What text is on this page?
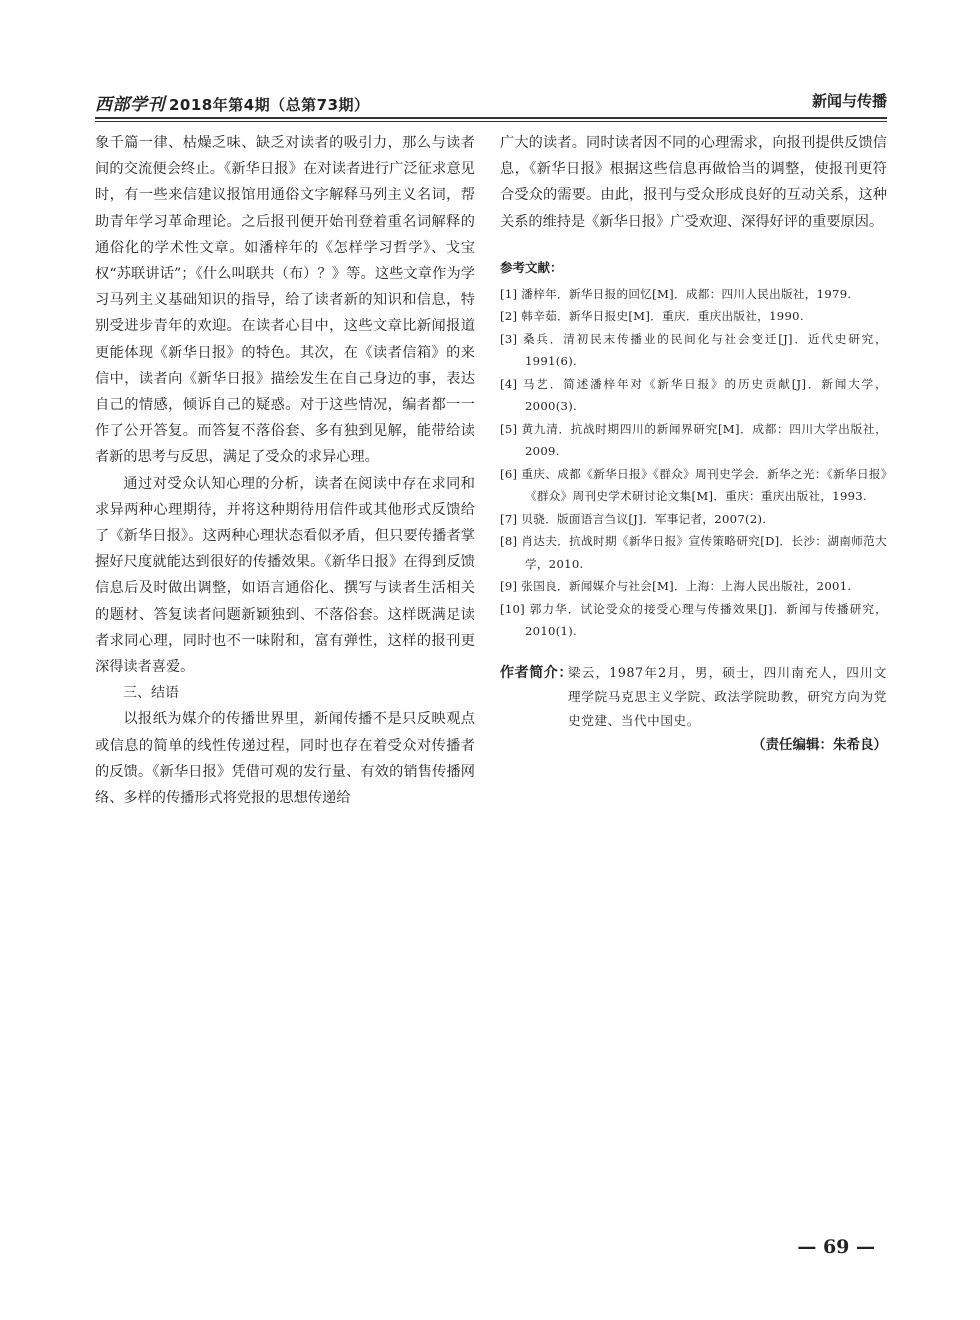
西部学刊 2018年第4期（总第73期）	新闻与传播

象千篇一律、枯燥乏味、缺乏对读者的吸引力，那么与读者间的交流便会终止。《新华日报》在对读者进行广泛征求意见时，有一些来信建议报馆用通俗文字解释马列主义名词，帮助青年学习革命理论。之后报刊便开始刊登着重名词解释的通俗化的学术性文章。如潘梓年的《怎样学习哲学》、戈宝权“苏联讲话”；《什么叫联共（布）？》等。这些文章作为学习马列主义基础知识的指导，给了读者新的知识和信息，特别受进步青年的欢迎。在读者心目中，这些文章比新闻报道更能体现《新华日报》的特色。其次，在《读者信箱》的来信中，读者向《新华日报》描绘发生在自己身边的事，表达自己的情感，倾诉自己的疑惑。对于这些情况，编者都一一作了公开答复。而答复不落俗套、多有独到见解，能带给读者新的思考与反思，满足了受众的求异心理。

通过对受众认知心理的分析，读者在阅读中存在求同和求异两种心理期待，并将这种期待用信件或其他形式反馈给了《新华日报》。这两种心理状态看似矛盾，但只要传播者掌握好尺度就能达到很好的传播效果。《新华日报》在得到反馈信息后及时做出调整，如语言通俗化、撰写与读者生活相关的题材、答复读者问题新颖独到、不落俗套。这样既满足读者求同心理，同时也不一味附和，富有弹性，这样的报刊更深得读者喜爱。

三、结语

以报纸为媒介的传播世界里，新闻传播不是只反映观点或信息的简单的线性传递过程，同时也存在着受众对传播者的反馈。《新华日报》凭借可观的发行量、有效的销售传播网络、多样的传播形式将党报的思想传递给

广大的读者。同时读者因不同的心理需求，向报刊提供反馈信息，《新华日报》根据这些信息再做恰当的调整，使报刊更符合受众的需要。由此，报刊与受众形成良好的互动关系，这种关系的维持是《新华日报》广受欢迎、深得好评的重要原因。

参考文献：
[1] 潘梓年．新华日报的回忆[M]．成都：四川人民出版社，1979.
[2] 韩辛茹．新华日报史[M]．重庆．重庆出版社，1990.
[3] 桑兵．清初民末传播业的民间化与社会变迁[J]．近代史研究，1991(6).
[4] 马艺．简述潘梓年对《新华日报》的历史贡献[J]．新闻大学，2000(3).
[5] 黄九清．抗战时期四川的新闻界研究[M]．成都：四川大学出版社，2009.
[6] 重庆、成都《新华日报》《群众》周刊史学会．新华之光：《新华日报》《群众》周刊史学术研讨论文集[M]．重庆：重庆出版社，1993.
[7] 贝骁．版面语言刍议[J]．军事记者，2007(2).
[8] 肖达夫．抗战时期《新华日报》宣传策略研究[D]．长沙：湖南师范大学，2010.
[9] 张国良．新闻媒介与社会[M]．上海：上海人民出版社，2001.
[10] 郭力华．试论受众的接受心理与传播效果[J]．新闻与传播研究，2010(1).
作者简介：
梁云，1987年2月，男，硕士，四川南充人，四川文理学院马克思主义学院、政法学院助教，研究方向为党史党建、当代中国史。
（责任编辑：朱希良）
— 69 —
